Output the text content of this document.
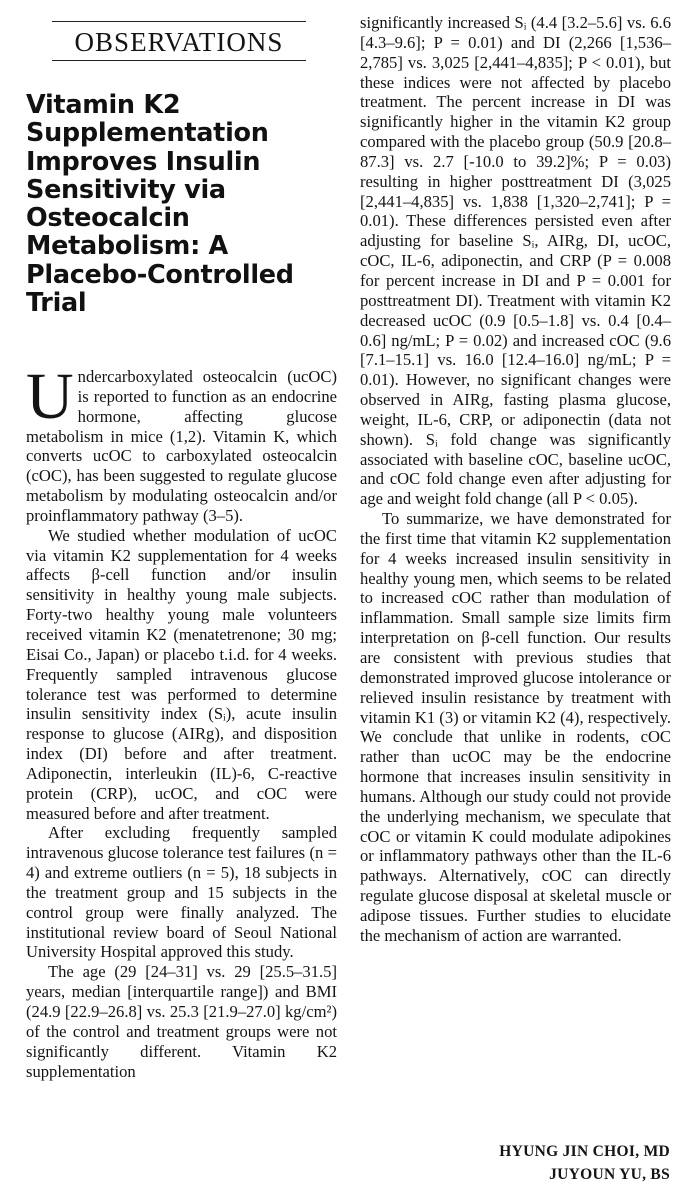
OBSERVATIONS
Vitamin K2 Supplementation Improves Insulin Sensitivity via Osteocalcin Metabolism: A Placebo-Controlled Trial

Undercarboxylated osteocalcin (ucOC) is reported to function as an endocrine hormone, affecting glucose metabolism in mice (1,2). Vitamin K, which converts ucOC to carboxylated osteocalcin (cOC), has been suggested to regulate glucose metabolism by modulating osteocalcin and/or proinflammatory pathway (3–5).

We studied whether modulation of ucOC via vitamin K2 supplementation for 4 weeks affects β-cell function and/or insulin sensitivity in healthy young male subjects. Forty-two healthy young male volunteers received vitamin K2 (menatetrenone; 30 mg; Eisai Co., Japan) or placebo t.i.d. for 4 weeks. Frequently sampled intravenous glucose tolerance test was performed to determine insulin sensitivity index (Sᵢ), acute insulin response to glucose (AIRg), and disposition index (DI) before and after treatment. Adiponectin, interleukin (IL)-6, C-reactive protein (CRP), ucOC, and cOC were measured before and after treatment.

After excluding frequently sampled intravenous glucose tolerance test failures (n = 4) and extreme outliers (n = 5), 18 subjects in the treatment group and 15 subjects in the control group were finally analyzed. The institutional review board of Seoul National University Hospital approved this study.

The age (29 [24–31] vs. 29 [25.5–31.5] years, median [interquartile range]) and BMI (24.9 [22.9–26.8] vs. 25.3 [21.9–27.0] kg/cm²) of the control and treatment groups were not significantly different. Vitamin K2 supplementation

significantly increased Sᵢ (4.4 [3.2–5.6] vs. 6.6 [4.3–9.6]; P = 0.01) and DI (2,266 [1,536–2,785] vs. 3,025 [2,441–4,835]; P < 0.01), but these indices were not affected by placebo treatment. The percent increase in DI was significantly higher in the vitamin K2 group compared with the placebo group (50.9 [20.8–87.3] vs. 2.7 [-10.0 to 39.2]%; P = 0.03) resulting in higher posttreatment DI (3,025 [2,441–4,835] vs. 1,838 [1,320–2,741]; P = 0.01). These differences persisted even after adjusting for baseline Sᵢ, AIRg, DI, ucOC, cOC, IL-6, adiponectin, and CRP (P = 0.008 for percent increase in DI and P = 0.001 for posttreatment DI). Treatment with vitamin K2 decreased ucOC (0.9 [0.5–1.8] vs. 0.4 [0.4–0.6] ng/mL; P = 0.02) and increased cOC (9.6 [7.1–15.1] vs. 16.0 [12.4–16.0] ng/mL; P = 0.01). However, no significant changes were observed in AIRg, fasting plasma glucose, weight, IL-6, CRP, or adiponectin (data not shown). Sᵢ fold change was significantly associated with baseline cOC, baseline ucOC, and cOC fold change even after adjusting for age and weight fold change (all P < 0.05).

To summarize, we have demonstrated for the first time that vitamin K2 supplementation for 4 weeks increased insulin sensitivity in healthy young men, which seems to be related to increased cOC rather than modulation of inflammation. Small sample size limits firm interpretation on β-cell function. Our results are consistent with previous studies that demonstrated improved glucose intolerance or relieved insulin resistance by treatment with vitamin K1 (3) or vitamin K2 (4), respectively. We conclude that unlike in rodents, cOC rather than ucOC may be the endocrine hormone that increases insulin sensitivity in humans. Although our study could not provide the underlying mechanism, we speculate that cOC or vitamin K could modulate adipokines or inflammatory pathways other than the IL-6 pathways. Alternatively, cOC can directly regulate glucose disposal at skeletal muscle or adipose tissues. Further studies to elucidate the mechanism of action are warranted.

HYUNG JIN CHOI, MD
JUYOUN YU, BS
